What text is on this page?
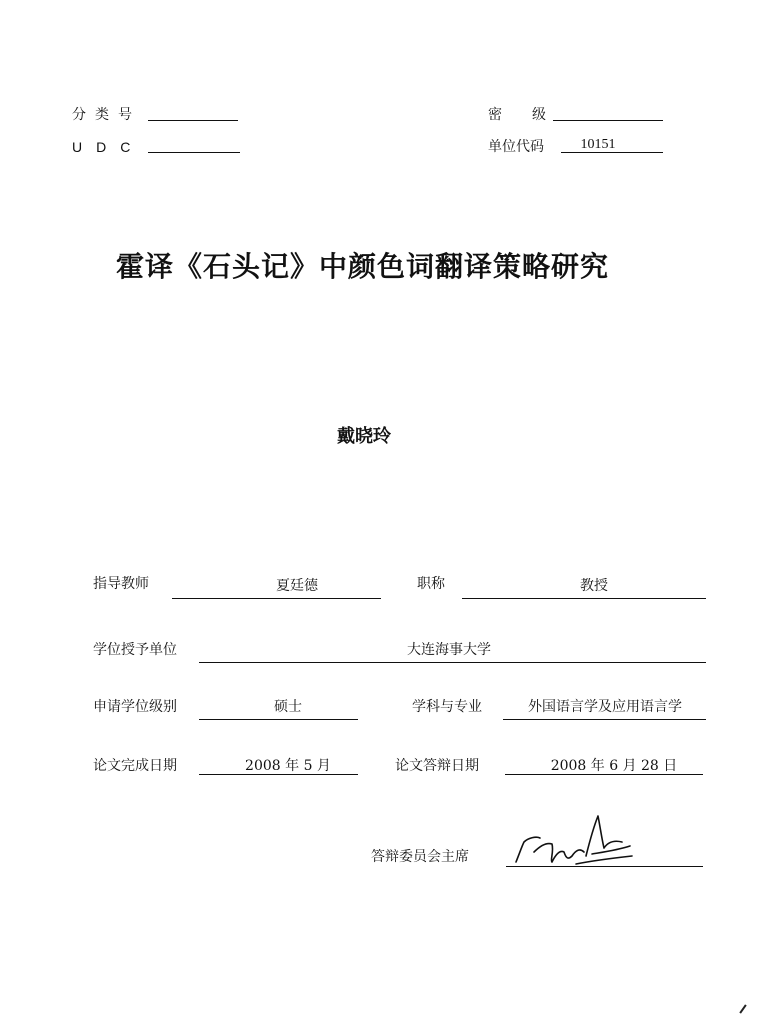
分类号
UDC
密级
单位代码	10151
霍译《石头记》中颜色词翻译策略研究
戴晓玲
指导教师	夏廷德	职称	教授
学位授予单位	大连海事大学
申请学位级别	硕士	学科与专业	外国语言学及应用语言学
论文完成日期	2008 年 5 月	论文答辩日期	2008 年 6 月 28 日
答辩委员会主席
